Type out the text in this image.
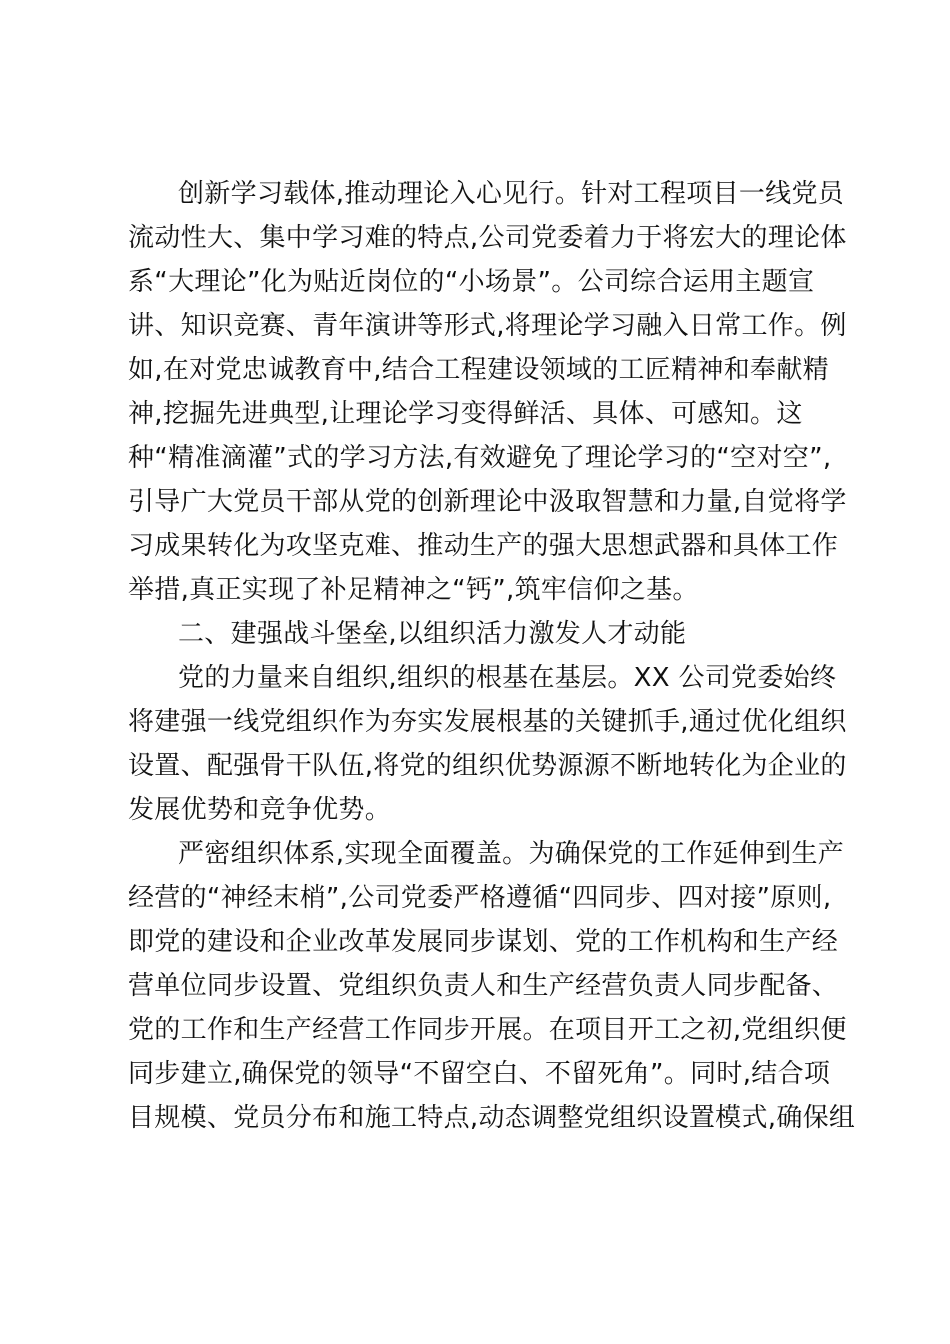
创新学习载体,推动理论入心见行。针对工程项目一线党员
流动性大、集中学习难的特点,公司党委着力于将宏大的理论体
系“大理论”化为贴近岗位的“小场景”。公司综合运用主题宣
讲、知识竞赛、青年演讲等形式,将理论学习融入日常工作。例
如,在对党忠诚教育中,结合工程建设领域的工匠精神和奉献精
神,挖掘先进典型,让理论学习变得鲜活、具体、可感知。这
种“精准滴灌”式的学习方法,有效避免了理论学习的“空对空”,
引导广大党员干部从党的创新理论中汲取智慧和力量,自觉将学
习成果转化为攻坚克难、推动生产的强大思想武器和具体工作
举措,真正实现了补足精神之“钙”,筑牢信仰之基。
二、建强战斗堡垒,以组织活力激发人才动能
党的力量来自组织,组织的根基在基层。XX 公司党委始终
将建强一线党组织作为夯实发展根基的关键抓手,通过优化组织
设置、配强骨干队伍,将党的组织优势源源不断地转化为企业的
发展优势和竞争优势。
严密组织体系,实现全面覆盖。为确保党的工作延伸到生产
经营的“神经末梢”,公司党委严格遵循“四同步、四对接”原则,
即党的建设和企业改革发展同步谋划、党的工作机构和生产经
营单位同步设置、党组织负责人和生产经营负责人同步配备、
党的工作和生产经营工作同步开展。在项目开工之初,党组织便
同步建立,确保党的领导“不留空白、不留死角”。同时,结合项
目规模、党员分布和施工特点,动态调整党组织设置模式,确保组
